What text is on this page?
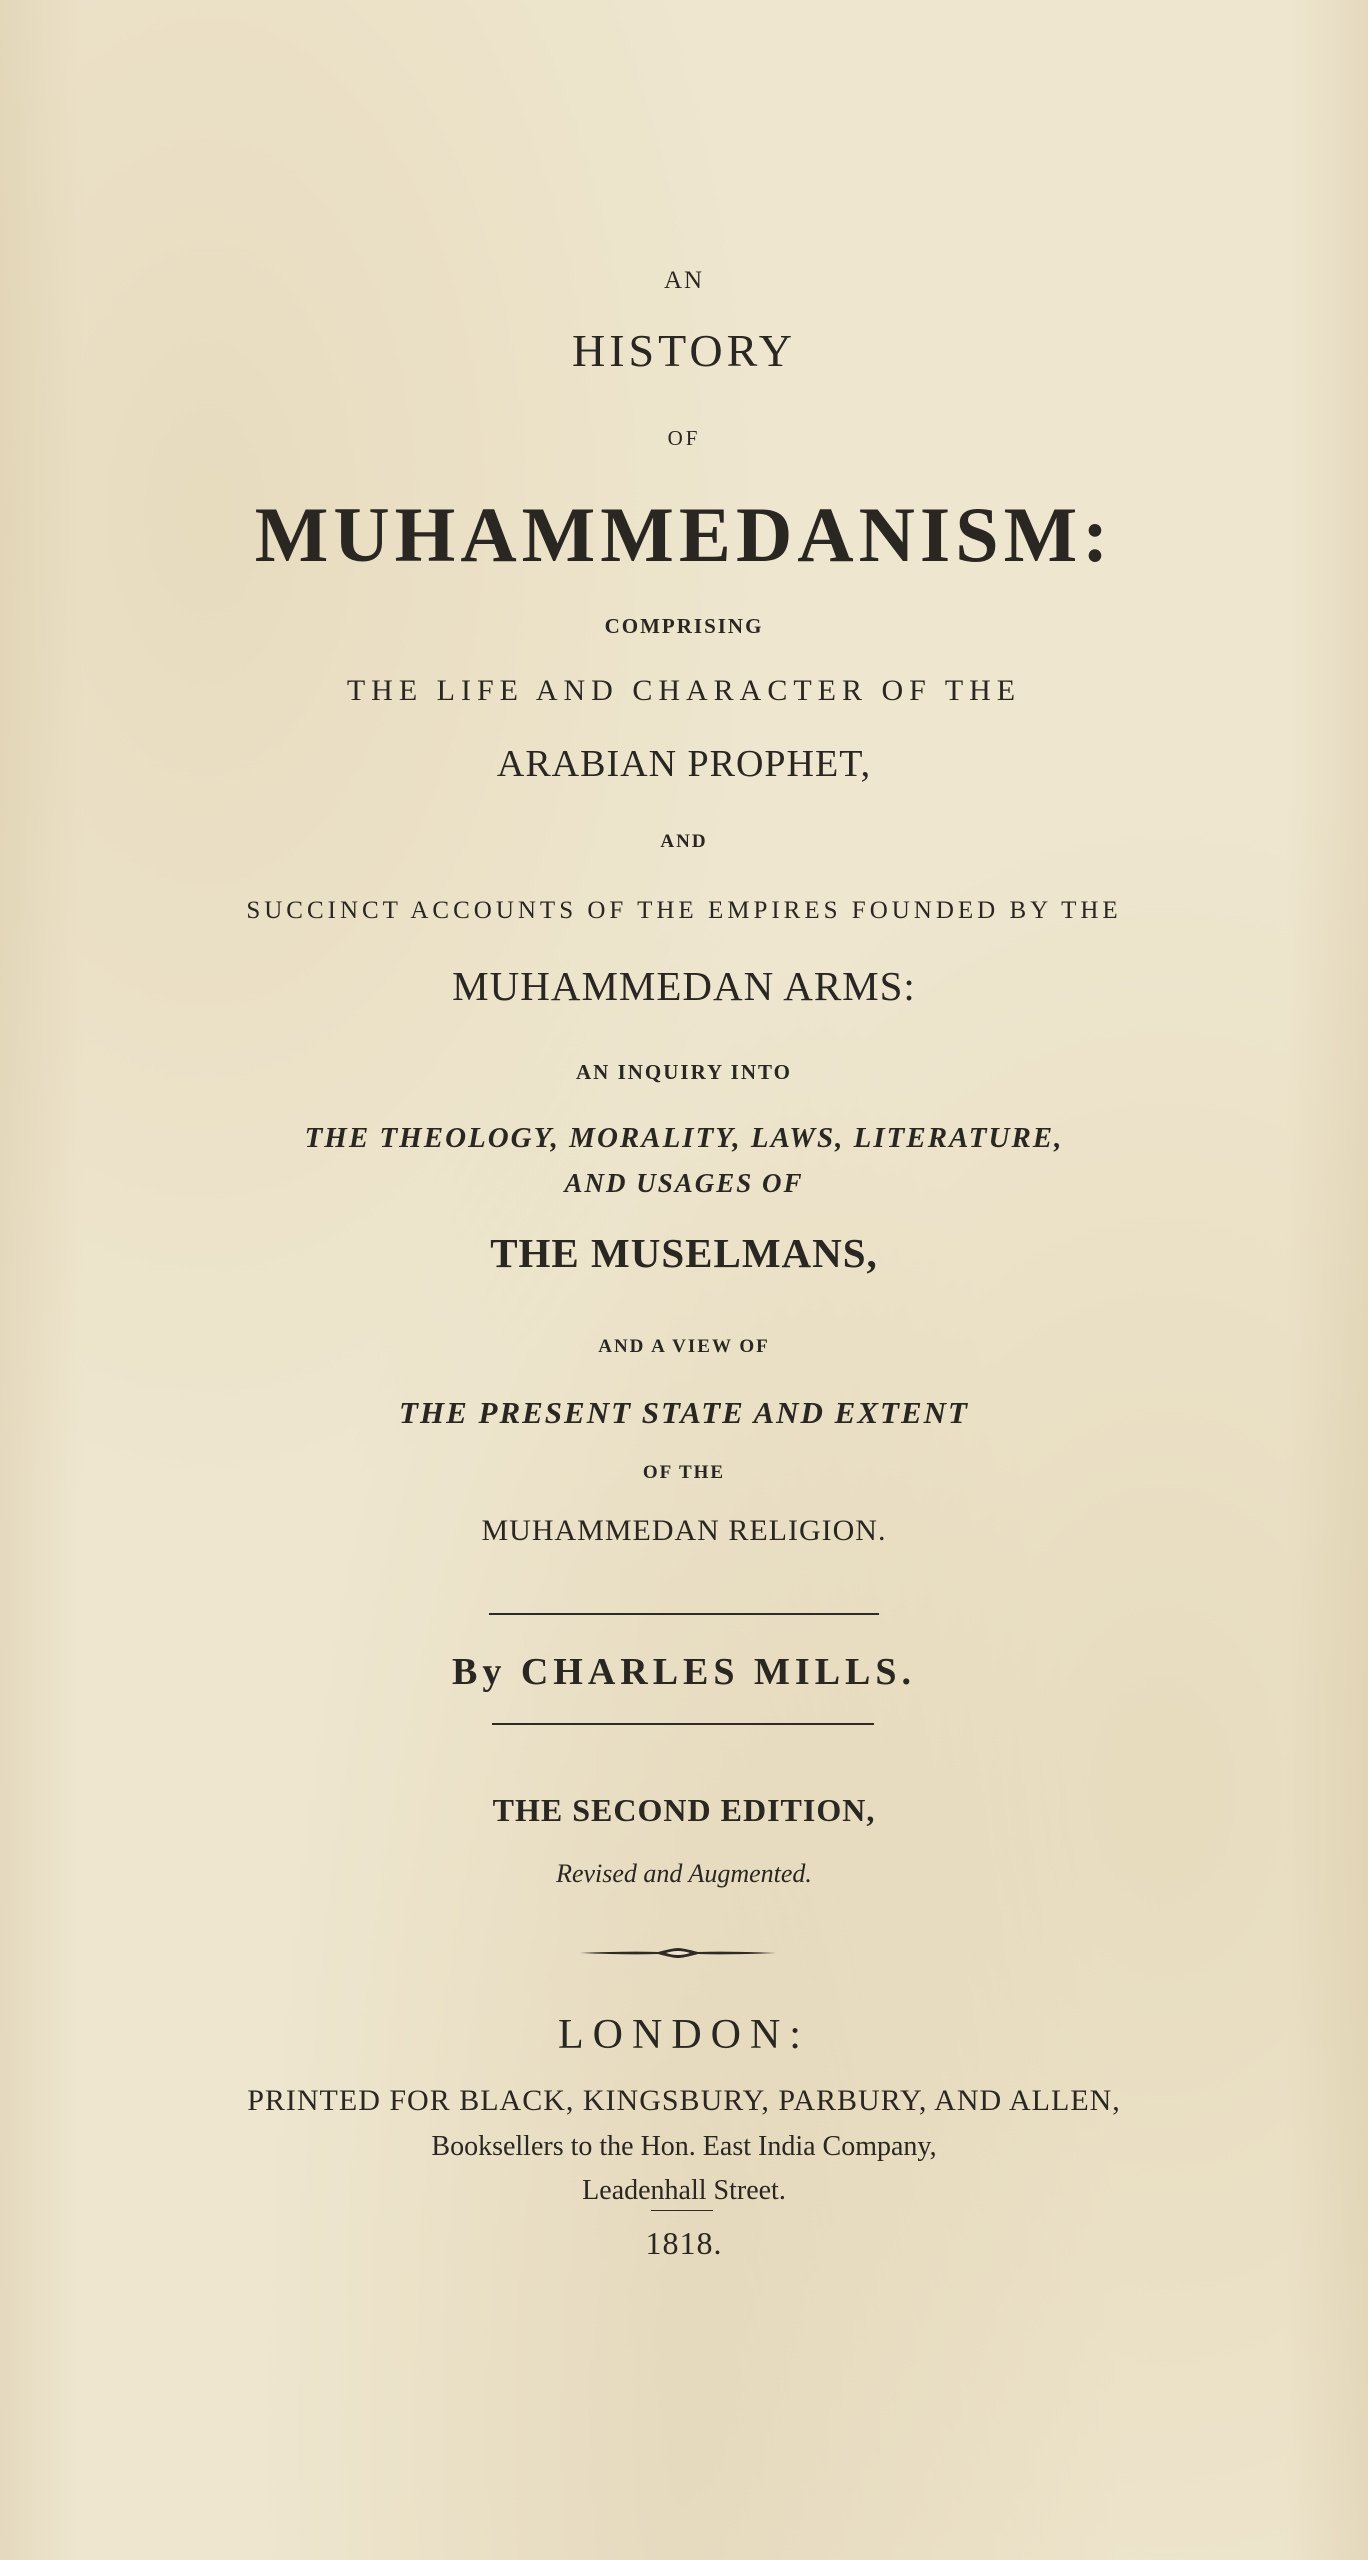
AN
HISTORY
OF
MUHAMMEDANISM:
COMPRISING
THE LIFE AND CHARACTER OF THE
ARABIAN PROPHET,
AND
SUCCINCT ACCOUNTS OF THE EMPIRES FOUNDED BY THE
MUHAMMEDAN ARMS:
AN INQUIRY INTO
THE THEOLOGY, MORALITY, LAWS, LITERATURE,
AND USAGES OF
THE MUSELMANS,
AND A VIEW OF
THE PRESENT STATE AND EXTENT
OF THE
MUHAMMEDAN RELIGION.
By CHARLES MILLS.
THE SECOND EDITION,
Revised and Augmented.
LONDON:
PRINTED FOR BLACK, KINGSBURY, PARBURY, AND ALLEN,
Booksellers to the Hon. East India Company,
Leadenhall Street.
1818.
